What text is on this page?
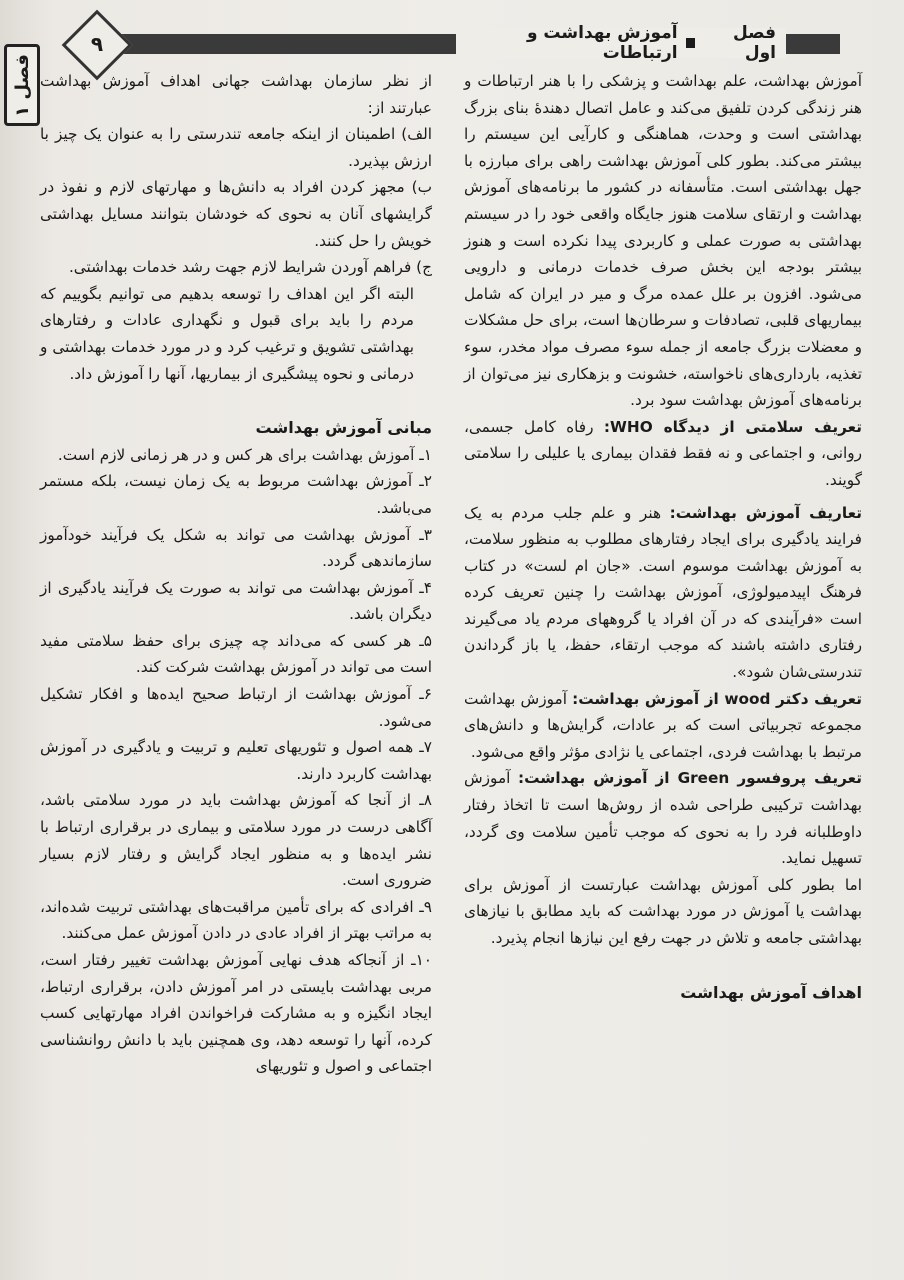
فصل اول
آموزش بهداشت و ارتباطات
۹
فصل ۱	آموزش بهداشت، علم بهداشت و پزشکی را با هنر ارتباطات و هنر زندگی کردن تلفیق می‌کند و عامل اتصال دهندهٔ بنای بزرگ بهداشتی است و وحدت، هماهنگی و کارآیی این سیستم را بیشتر می‌کند. بطور کلی آموزش بهداشت راهی برای مبارزه با جهل بهداشتی است. متأسفانه در کشور ما برنامه‌های آموزش بهداشت و ارتقای سلامت هنوز جایگاه واقعی خود را در سیستم بهداشتی به صورت عملی و کاربردی پیدا نکرده است و هنوز بیشتر بودجه این بخش صرف خدمات درمانی و دارویی می‌شود. افزون بر علل عمده مرگ و میر در ایران که شامل بیماریهای قلبی، تصادفات و سرطان‌ها است، برای حل مشکلات و معضلات بزرگ جامعه از جمله سوء مصرف مواد مخدر، سوء تغذیه، بارداری‌های ناخواسته، خشونت و بزهکاری نیز می‌توان از برنامه‌های آموزش بهداشت سود برد.

تعریف سلامتی از دیدگاه WHO: رفاه کامل جسمی، روانی، و اجتماعی و نه فقط فقدان بیماری یا علیلی را سلامتی گویند.

تعاریف آموزش بهداشت: هنر و علم جلب مردم به یک فرایند یادگیری برای ایجاد رفتارهای مطلوب به منظور سلامت، به آموزش بهداشت موسوم است. «جان ام لست» در کتاب فرهنگ اپیدمیولوژی، آموزش بهداشت را چنین تعریف کرده است «فرآیندی که در آن افراد یا گروههای مردم یاد می‌گیرند رفتاری داشته باشند که موجب ارتقاء، حفظ، یا باز گرداندن تندرستی‌شان شود».

تعریف دکتر wood از آموزش بهداشت: آموزش بهداشت مجموعه تجربیاتی است که بر عادات، گرایش‌ها و دانش‌های مرتبط با بهداشت فردی، اجتماعی یا نژادی مؤثر واقع می‌شود.

تعریف پروفسور Green از آموزش بهداشت: آموزش بهداشت ترکیبی طراحی شده از روش‌ها است تا اتخاذ رفتار داوطلبانه فرد را به نحوی که موجب تأمین سلامت وی گردد، تسهیل نماید.

اما بطور کلی آموزش بهداشت عبارتست از آموزش برای بهداشت یا آموزش در مورد بهداشت که باید مطابق با نیازهای بهداشتی جامعه و تلاش در جهت رفع این نیازها انجام پذیرد.

اهداف آموزش بهداشت

از نظر سازمان بهداشت جهانی اهداف آموزش بهداشت عبارتند از:

الف) اطمینان از اینکه جامعه تندرستی را به عنوان یک چیز با ارزش بپذیرد.

ب) مجهز کردن افراد به دانش‌ها و مهارتهای لازم و نفوذ در گرایشهای آنان به نحوی که خودشان بتوانند مسایل بهداشتی خویش را حل کنند.

ج) فراهم آوردن شرایط لازم جهت رشد خدمات بهداشتی.

البته اگر این اهداف را توسعه بدهیم می توانیم بگوییم که مردم را باید برای قبول و نگهداری عادات و رفتارهای بهداشتی تشویق و ترغیب کرد و در مورد خدمات بهداشتی و درمانی و نحوه پیشگیری از بیماریها، آنها را آموزش داد.

مبانی آموزش بهداشت

۱ـ آموزش بهداشت برای هر کس و در هر زمانی لازم است.

۲ـ آموزش بهداشت مربوط به یک زمان نیست، بلکه مستمر می‌باشد.

۳ـ آموزش بهداشت می تواند به شکل یک فرآیند خودآموز سازماندهی گردد.

۴ـ آموزش بهداشت می تواند به صورت یک فرآیند یادگیری از دیگران باشد.

۵ـ هر کسی که می‌داند چه چیزی برای حفظ سلامتی مفید است می تواند در آموزش بهداشت شرکت کند.

۶ـ آموزش بهداشت از ارتباط صحیح ایده‌ها و افکار تشکیل می‌شود.

۷ـ همه اصول و تئوریهای تعلیم و تربیت و یادگیری در آموزش بهداشت کاربرد دارند.

۸ـ از آنجا که آموزش بهداشت باید در مورد سلامتی باشد، آگاهی درست در مورد سلامتی و بیماری در برقراری ارتباط با نشر ایده‌ها و به منظور ایجاد گرایش و رفتار لازم بسیار ضروری است.

۹ـ افرادی که برای تأمین مراقبت‌های بهداشتی تربیت شده‌اند، به مراتب بهتر از افراد عادی در دادن آموزش عمل می‌کنند.

۱۰ـ از آنجاکه هدف نهایی آموزش بهداشت تغییر رفتار است، مربی بهداشت بایستی در امر آموزش دادن، برقراری ارتباط، ایجاد انگیزه و به مشارکت فراخواندن افراد مهارتهایی کسب کرده، آنها را توسعه دهد، وی همچنین باید با دانش روانشناسی اجتماعی و اصول و تئوریهای
